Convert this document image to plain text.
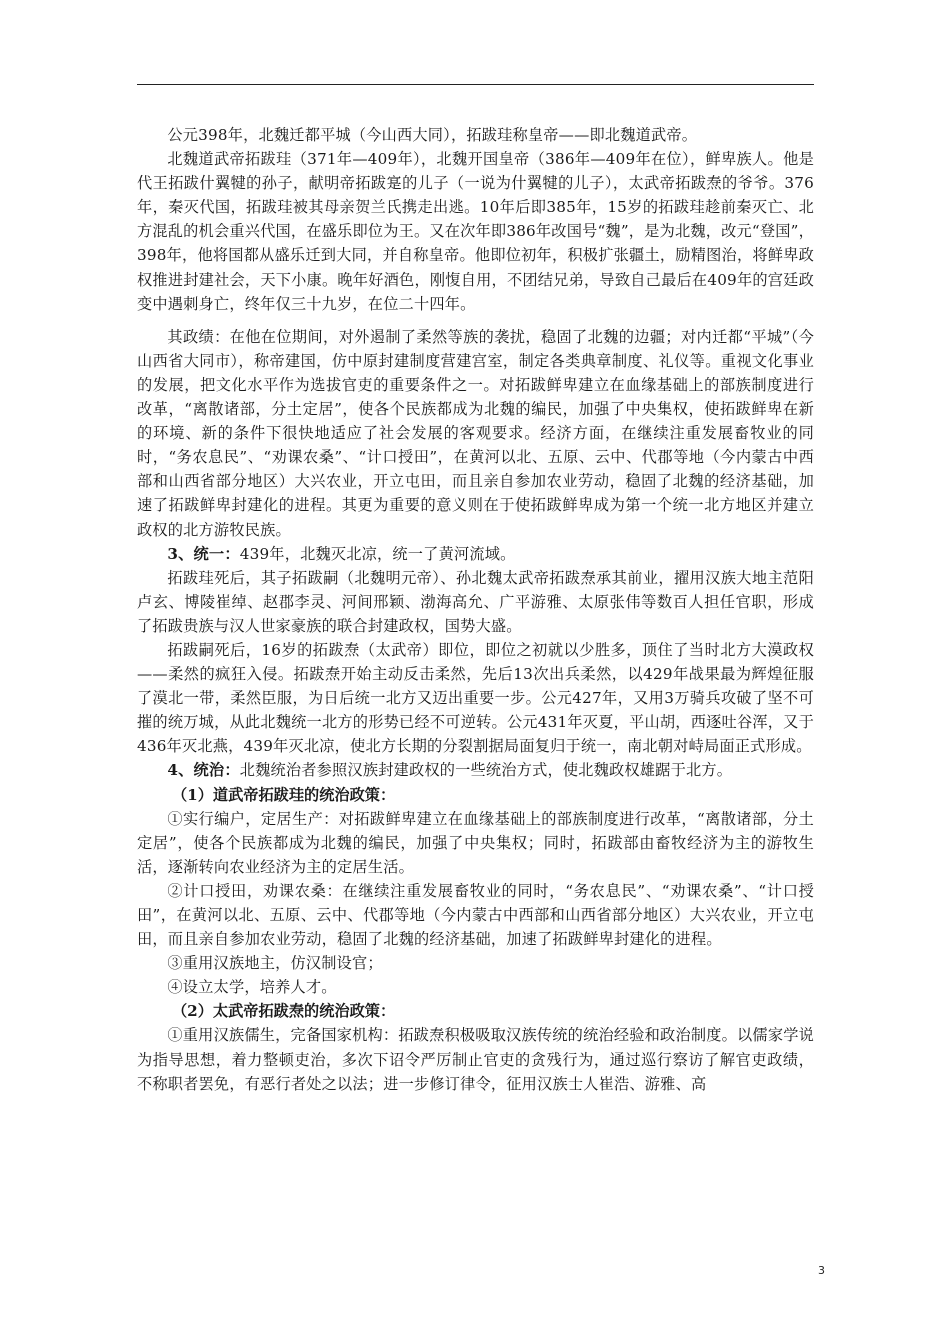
公元398年，北魏迁都平城（今山西大同），拓跋珪称皇帝——即北魏道武帝。

北魏道武帝拓跋珪（371年—409年），北魏开国皇帝（386年—409年在位），鲜卑族人。他是代王拓跋什翼犍的孙子，献明帝拓跋寔的儿子（一说为什翼犍的儿子），太武帝拓跋焘的爷爷。376年，秦灭代国，拓跋珪被其母亲贺兰氏携走出逃。10年后即385年，15岁的拓跋珪趁前秦灭亡、北方混乱的机会重兴代国，在盛乐即位为王。又在次年即386年改国号“魏”，是为北魏，改元“登国”，398年，他将国都从盛乐迁到大同，并自称皇帝。他即位初年，积极扩张疆土，励精图治，将鲜卑政权推进封建社会，天下小康。晚年好酒色，刚愎自用，不团结兄弟，导致自己最后在409年的宫廷政变中遇刺身亡，终年仅三十九岁，在位二十四年。

其政绩：在他在位期间，对外遏制了柔然等族的袭扰，稳固了北魏的边疆；对内迁都“平城”（今山西省大同市），称帝建国，仿中原封建制度营建宫室，制定各类典章制度、礼仪等。重视文化事业的发展，把文化水平作为选拔官吏的重要条件之一。对拓跋鲜卑建立在血缘基础上的部族制度进行改革，“离散诸部，分土定居”，使各个民族都成为北魏的编民，加强了中央集权，使拓跋鲜卑在新的环境、新的条件下很快地适应了社会发展的客观要求。经济方面，在继续注重发展畜牧业的同时，“务农息民”、“劝课农桑”、“计口授田”，在黄河以北、五原、云中、代郡等地（今内蒙古中西部和山西省部分地区）大兴农业，开立屯田，而且亲自参加农业劳动，稳固了北魏的经济基础，加速了拓跋鲜卑封建化的进程。其更为重要的意义则在于使拓跋鲜卑成为第一个统一北方地区并建立政权的北方游牧民族。

3、统一：439年，北魏灭北凉，统一了黄河流域。

拓跋珪死后，其子拓跋嗣（北魏明元帝）、孙北魏太武帝拓跋焘承其前业，擢用汉族大地主范阳卢玄、博陵崔绰、赵郡李灵、河间邢颖、渤海高允、广平游雅、太原张伟等数百人担任官职，形成了拓跋贵族与汉人世家豪族的联合封建政权，国势大盛。

拓跋嗣死后，16岁的拓跋焘（太武帝）即位，即位之初就以少胜多，顶住了当时北方大漠政权——柔然的疯狂入侵。拓跋焘开始主动反击柔然，先后13次出兵柔然，以429年战果最为辉煌征服了漠北一带，柔然臣服，为日后统一北方又迈出重要一步。公元427年，又用3万骑兵攻破了坚不可摧的统万城，从此北魏统一北方的形势已经不可逆转。公元431年灭夏，平山胡，西逐吐谷浑，又于436年灭北燕，439年灭北凉，使北方长期的分裂割据局面复归于统一，南北朝对峙局面正式形成。

4、统治：北魏统治者参照汉族封建政权的一些统治方式，使北魏政权雄踞于北方。

（1）道武帝拓跋珪的统治政策：

①实行编户，定居生产：对拓跋鲜卑建立在血缘基础上的部族制度进行改革，“离散诸部，分土定居”，使各个民族都成为北魏的编民，加强了中央集权；同时，拓跋部由畜牧经济为主的游牧生活，逐渐转向农业经济为主的定居生活。

②计口授田，劝课农桑：在继续注重发展畜牧业的同时，“务农息民”、“劝课农桑”、“计口授田”，在黄河以北、五原、云中、代郡等地（今内蒙古中西部和山西省部分地区）大兴农业，开立屯田，而且亲自参加农业劳动，稳固了北魏的经济基础，加速了拓跋鲜卑封建化的进程。

③重用汉族地主，仿汉制设官；

④设立太学，培养人才。

（2）太武帝拓跋焘的统治政策：

①重用汉族儒生，完备国家机构：拓跋焘积极吸取汉族传统的统治经验和政治制度。以儒家学说为指导思想，着力整顿吏治，多次下诏令严厉制止官吏的贪残行为，通过巡行察访了解官吏政绩，不称职者罢免，有恶行者处之以法；进一步修订律令，征用汉族士人崔浩、游雅、高

3
